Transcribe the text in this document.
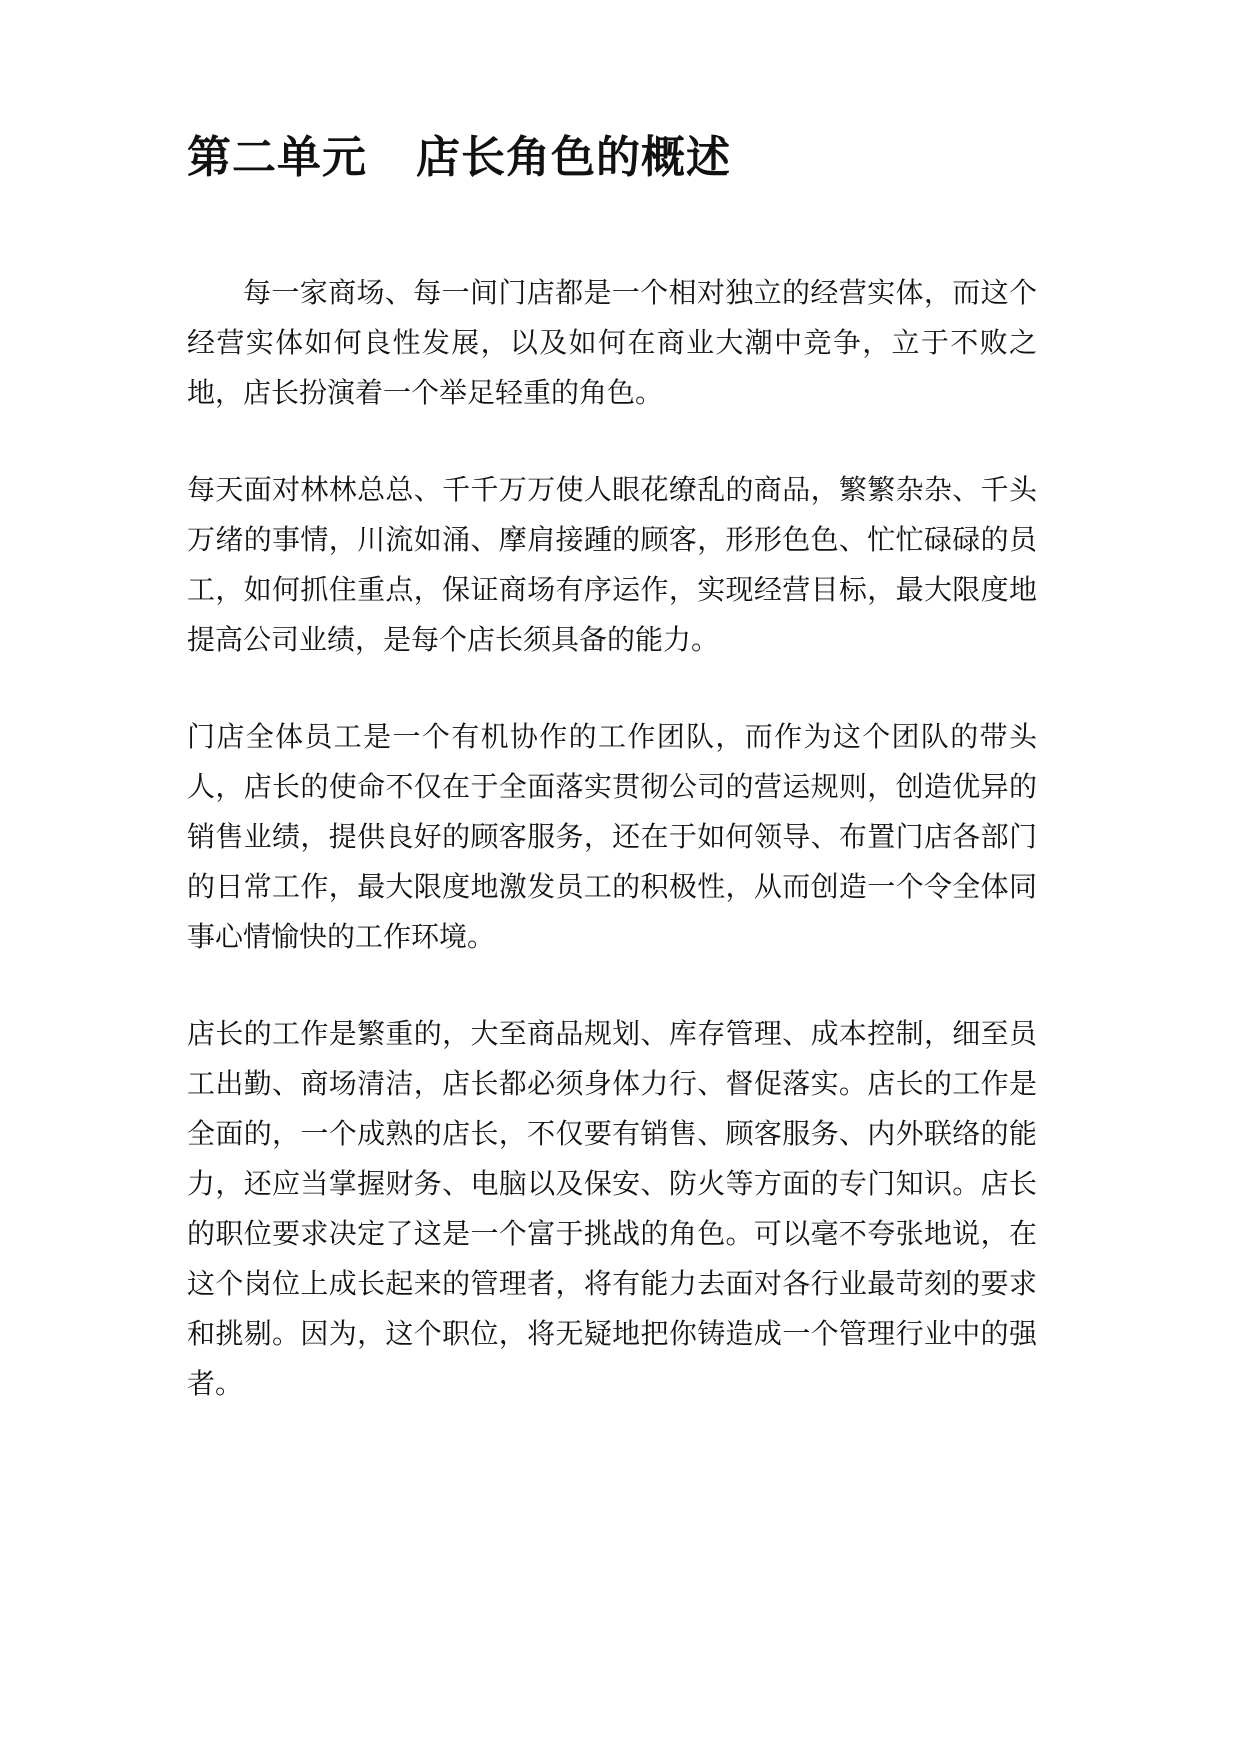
第二单元   店长角色的概述

每一家商场、每一间门店都是一个相对独立的经营实体，而这个经营实体如何良性发展，以及如何在商业大潮中竞争，立于不败之地，店长扮演着一个举足轻重的角色。

每天面对林林总总、千千万万使人眼花缭乱的商品，繁繁杂杂、千头万绪的事情，川流如涌、摩肩接踵的顾客，形形色色、忙忙碌碌的员工，如何抓住重点，保证商场有序运作，实现经营目标，最大限度地提高公司业绩，是每个店长须具备的能力。

门店全体员工是一个有机协作的工作团队，而作为这个团队的带头人，店长的使命不仅在于全面落实贯彻公司的营运规则，创造优异的销售业绩，提供良好的顾客服务，还在于如何领导、布置门店各部门的日常工作，最大限度地激发员工的积极性，从而创造一个令全体同事心情愉快的工作环境。

店长的工作是繁重的，大至商品规划、库存管理、成本控制，细至员工出勤、商场清洁，店长都必须身体力行、督促落实。店长的工作是全面的，一个成熟的店长，不仅要有销售、顾客服务、内外联络的能力，还应当掌握财务、电脑以及保安、防火等方面的专门知识。店长的职位要求决定了这是一个富于挑战的角色。可以毫不夸张地说，在这个岗位上成长起来的管理者，将有能力去面对各行业最苛刻的要求和挑剔。因为，这个职位，将无疑地把你铸造成一个管理行业中的强者。
